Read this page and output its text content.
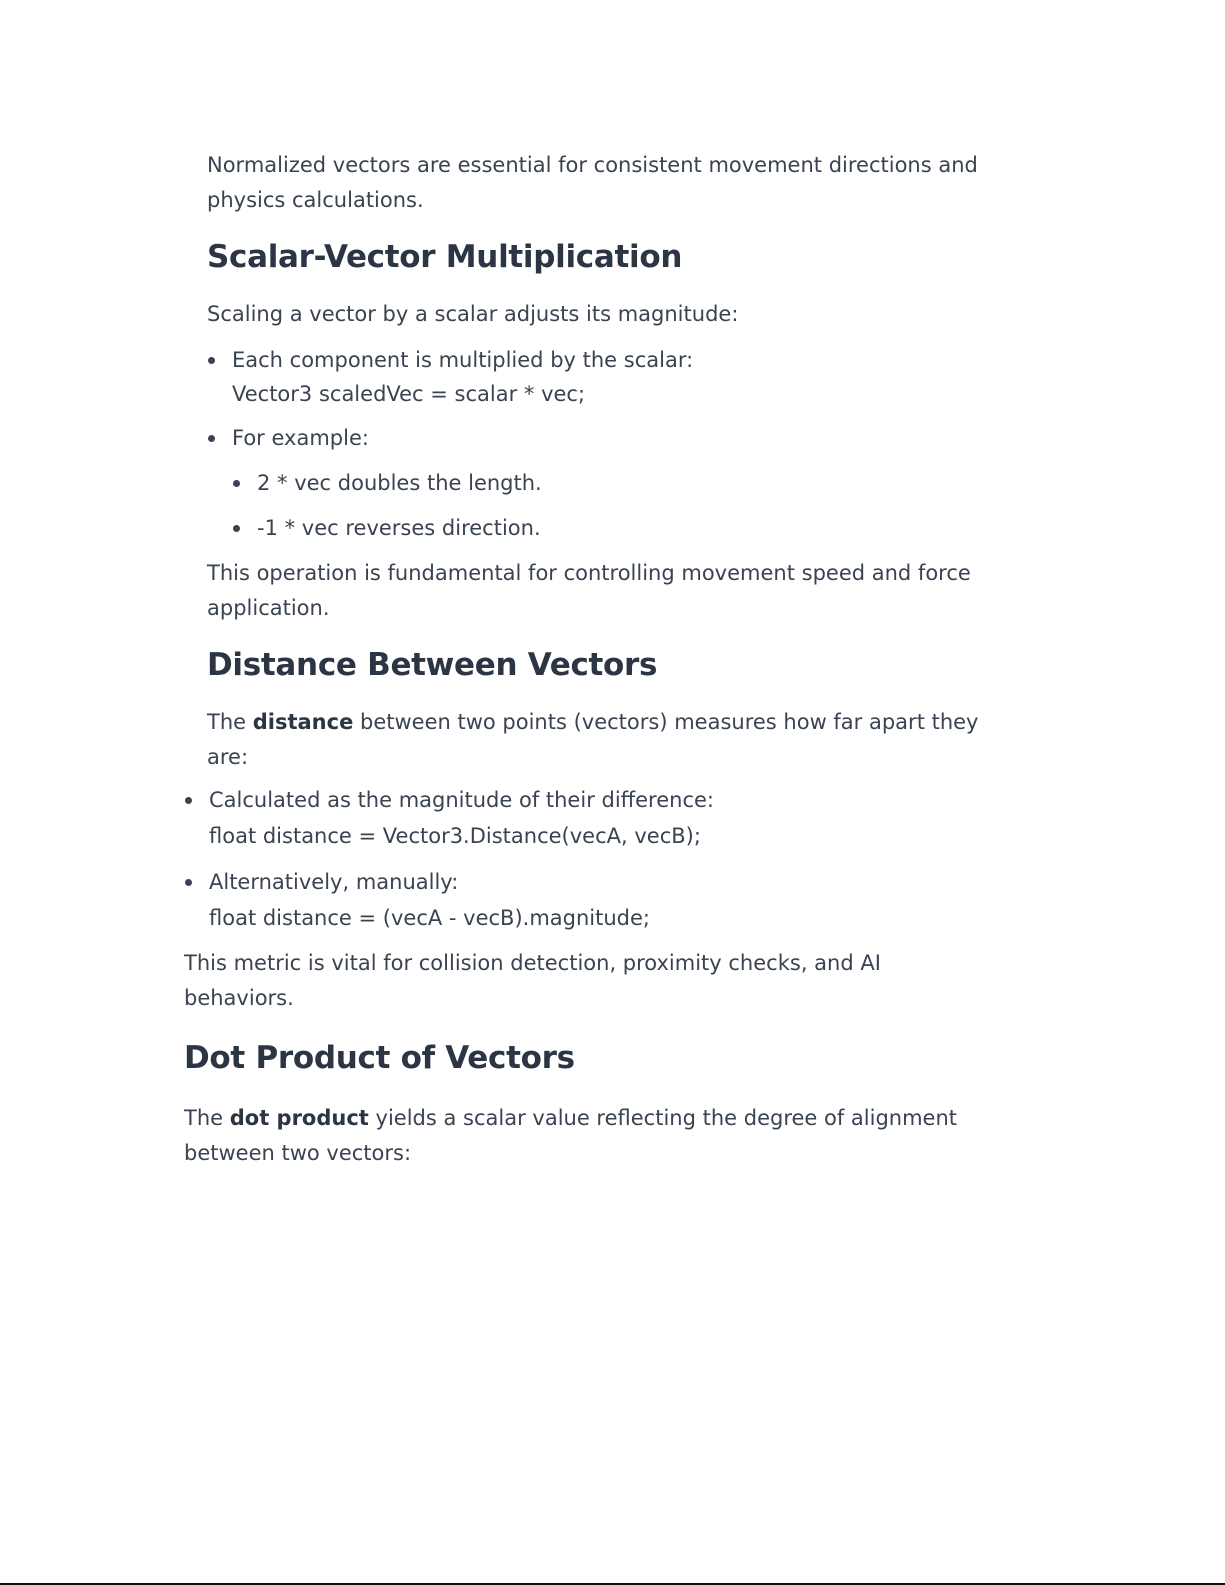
Normalized vectors are essential for consistent movement directions and physics calculations.

Scalar-Vector Multiplication

Scaling a vector by a scalar adjusts its magnitude:

Each component is multiplied by the scalar:
Vector3 scaledVec = scalar * vec;
For example:
2 * vec doubles the length.
-1 * vec reverses direction.

This operation is fundamental for controlling movement speed and force application.

Distance Between Vectors

The distance between two points (vectors) measures how far apart they are:

Calculated as the magnitude of their difference:
float distance = Vector3.Distance(vecA, vecB);
Alternatively, manually:
float distance = (vecA - vecB).magnitude;

This metric is vital for collision detection, proximity checks, and AI behaviors.

Dot Product of Vectors

The dot product yields a scalar value reflecting the degree of alignment between two vectors:
